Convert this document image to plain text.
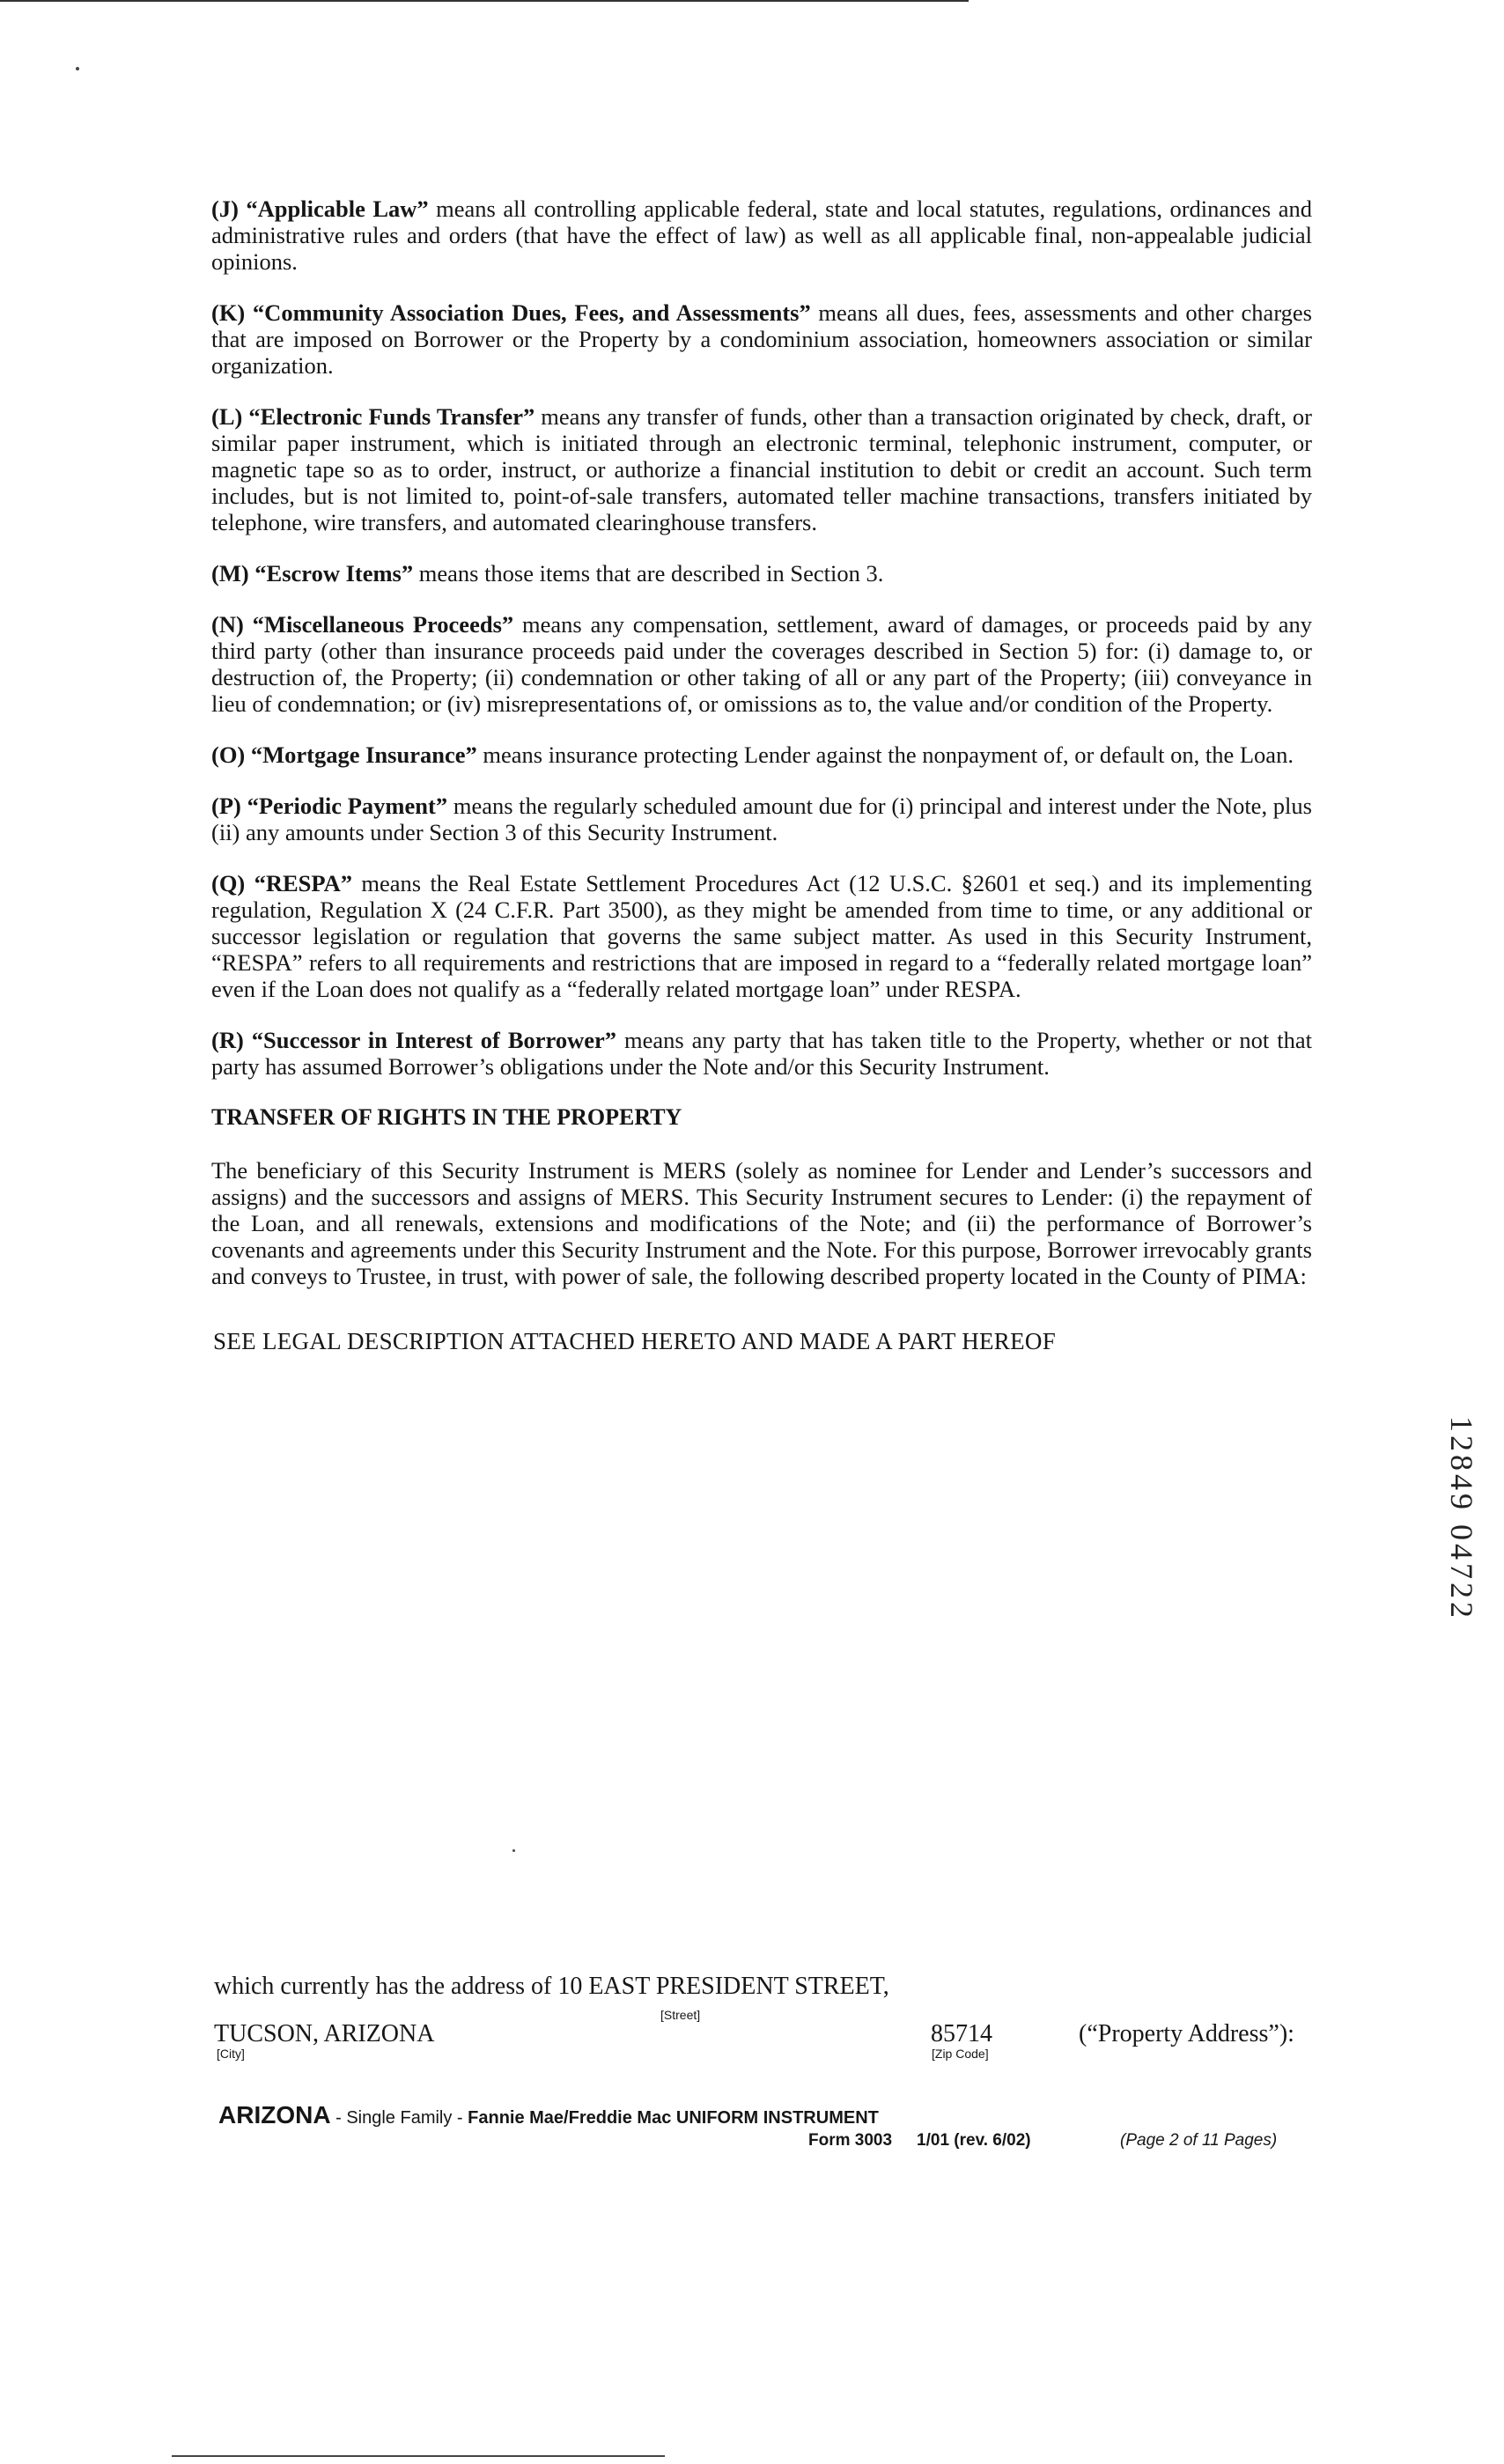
(J) “Applicable Law” means all controlling applicable federal, state and local statutes, regulations, ordinances and administrative rules and orders (that have the effect of law) as well as all applicable final, non-appealable judicial opinions.

(K) “Community Association Dues, Fees, and Assessments” means all dues, fees, assessments and other charges that are imposed on Borrower or the Property by a condominium association, homeowners association or similar organization.

(L) “Electronic Funds Transfer” means any transfer of funds, other than a transaction originated by check, draft, or similar paper instrument, which is initiated through an electronic terminal, telephonic instrument, computer, or magnetic tape so as to order, instruct, or authorize a financial institution to debit or credit an account. Such term includes, but is not limited to, point-of-sale transfers, automated teller machine transactions, transfers initiated by telephone, wire transfers, and automated clearinghouse transfers.

(M) “Escrow Items” means those items that are described in Section 3.

(N) “Miscellaneous Proceeds” means any compensation, settlement, award of damages, or proceeds paid by any third party (other than insurance proceeds paid under the coverages described in Section 5) for: (i) damage to, or destruction of, the Property; (ii) condemnation or other taking of all or any part of the Property; (iii) conveyance in lieu of condemnation; or (iv) misrepresentations of, or omissions as to, the value and/or condition of the Property.

(O) “Mortgage Insurance” means insurance protecting Lender against the nonpayment of, or default on, the Loan.

(P) “Periodic Payment” means the regularly scheduled amount due for (i) principal and interest under the Note, plus (ii) any amounts under Section 3 of this Security Instrument.

(Q) “RESPA” means the Real Estate Settlement Procedures Act (12 U.S.C. §2601 et seq.) and its implementing regulation, Regulation X (24 C.F.R. Part 3500), as they might be amended from time to time, or any additional or successor legislation or regulation that governs the same subject matter. As used in this Security Instrument, “RESPA” refers to all requirements and restrictions that are imposed in regard to a “federally related mortgage loan” even if the Loan does not qualify as a “federally related mortgage loan” under RESPA.

(R) “Successor in Interest of Borrower” means any party that has taken title to the Property, whether or not that party has assumed Borrower’s obligations under the Note and/or this Security Instrument.

TRANSFER OF RIGHTS IN THE PROPERTY

The beneficiary of this Security Instrument is MERS (solely as nominee for Lender and Lender’s successors and assigns) and the successors and assigns of MERS. This Security Instrument secures to Lender: (i) the repayment of the Loan, and all renewals, extensions and modifications of the Note; and (ii) the performance of Borrower’s covenants and agreements under this Security Instrument and the Note. For this purpose, Borrower irrevocably grants and conveys to Trustee, in trust, with power of sale, the following described property located in the County of PIMA:

SEE LEGAL DESCRIPTION ATTACHED HERETO AND MADE A PART HEREOF
12849 04722
which currently has the address of 10 EAST PRESIDENT STREET,
[Street]
TUCSON, ARIZONA
[City]
85714
[Zip Code]
(“Property Address”):
ARIZONA - Single Family - Fannie Mae/Freddie Mac UNIFORM INSTRUMENT
Form 3003 1/01 (rev. 6/02)	(Page 2 of 11 Pages)
